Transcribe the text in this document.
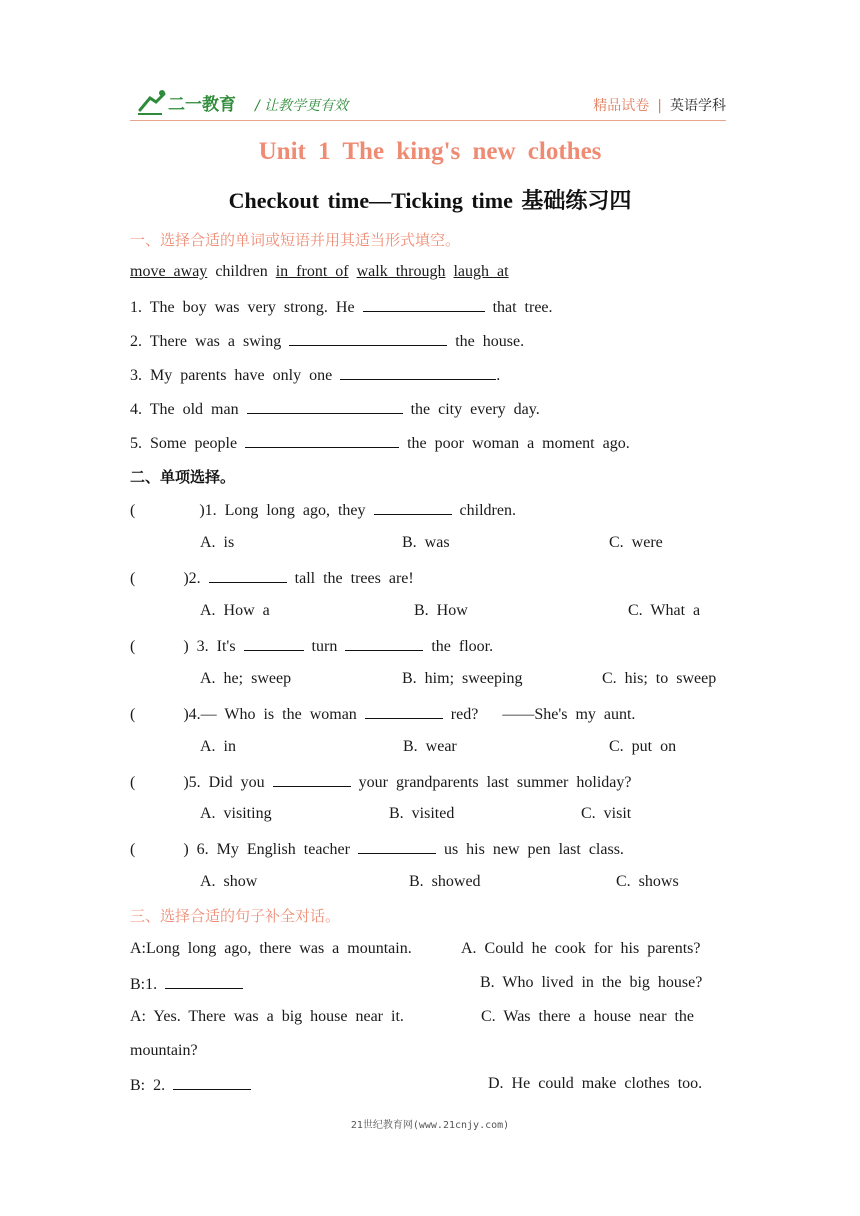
二一教育 / 让教学更有效	精品试卷 | 英语学科
Unit 1 The king's new clothes
Checkout time—Ticking time 基础练习四
一、选择合适的单词或短语并用其适当形式填空。
move away children in front of walk through laugh at
1. The boy was very strong. He	that tree.
2. There was a swing	the house.
3. My parents have only one	.
4. The old man	the city every day.
5. Some people	the poor woman a moment ago.
二、单项选择。
(        )1. Long long ago, they	children.
A. is	B. was	C. were
(      )2.	tall the trees are!
A. How a	B. How	C. What a
(      ) 3. It's	turn	the floor.
A. he; sweep	B. him; sweeping	C. his; to sweep
(      )4.— Who is the woman	red?   ——She's my aunt.
A. in	B. wear	C. put on
(      )5. Did you	your grandparents last summer holiday?
A. visiting	B. visited	C. visit
(      ) 6. My English teacher	us his new pen last class.
A. show	B. showed	C. shows
三、选择合适的句子补全对话。
A:Long long ago, there was a mountain.	A. Could he cook for his parents?
B:1.	B. Who lived in the big house?
A: Yes. There was a big house near it.	C. Was there a house near the
mountain?
B: 2.	D. He could make clothes too.
21世纪教育网(www.21cnjy.com)
